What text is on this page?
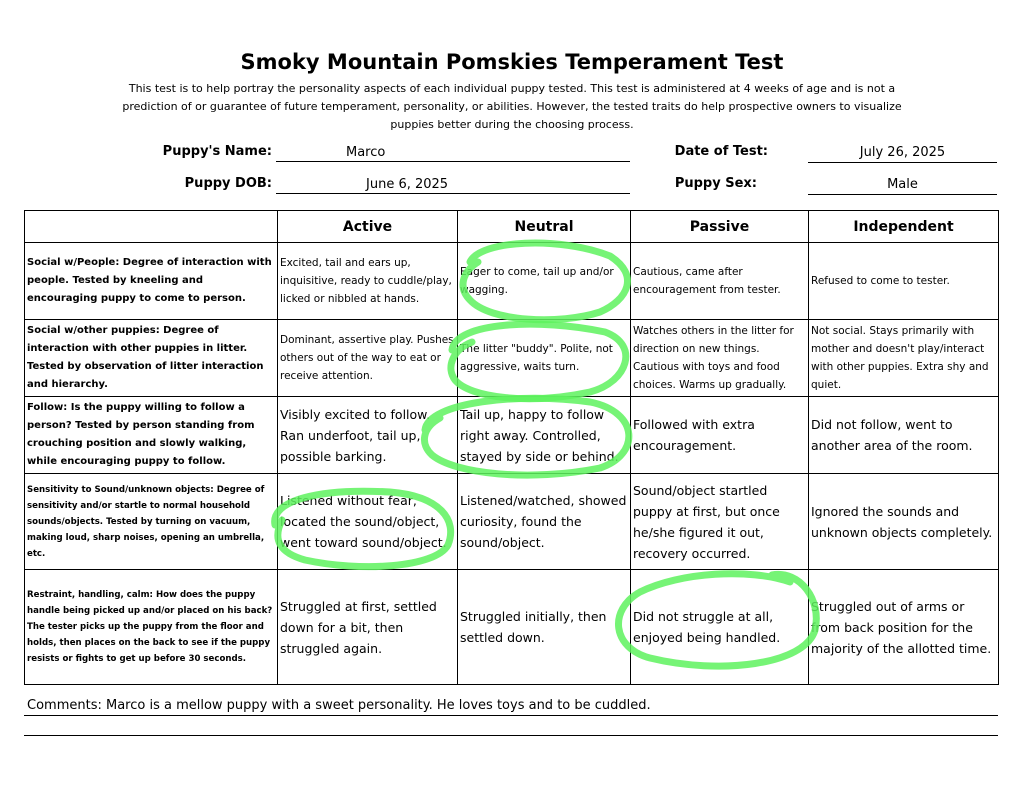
Smoky Mountain Pomskies Temperament Test
This test is to help portray the personality aspects of each individual puppy tested. This test is administered at 4 weeks of age and is not a prediction of or guarantee of future temperament, personality, or abilities. However, the tested traits do help prospective owners to visualize puppies better during the choosing process.
Puppy's Name:	Marco	Date of Test:	July 26, 2025
Puppy DOB:	June 6, 2025	Puppy Sex:	Male
	Active	Neutral	Passive	Independent
Social w/People: Degree of interaction with people. Tested by kneeling and encouraging puppy to come to person.	Excited, tail and ears up, inquisitive, ready to cuddle/play, licked or nibbled at hands.	Eager to come, tail up and/or wagging.	Cautious, came after encouragement from tester.	Refused to come to tester.
Social w/other puppies: Degree of interaction with other puppies in litter. Tested by observation of litter interaction and hierarchy.	Dominant, assertive play. Pushes others out of the way to eat or receive attention.	The litter "buddy". Polite, not aggressive, waits turn.	Watches others in the litter for direction on new things. Cautious with toys and food choices. Warms up gradually.	Not social. Stays primarily with mother and doesn't play/interact with other puppies. Extra shy and quiet.
Follow: Is the puppy willing to follow a person? Tested by person standing from crouching position and slowly walking, while encouraging puppy to follow.	Visibly excited to follow. Ran underfoot, tail up, possible barking.	Tail up, happy to follow right away. Controlled, stayed by side or behind.	Followed with extra encouragement.	Did not follow, went to another area of the room.
Sensitivity to Sound/unknown objects: Degree of sensitivity and/or startle to normal household sounds/objects. Tested by turning on vacuum, making loud, sharp noises, opening an umbrella, etc.	Listened without fear, located the sound/object, went toward sound/object.	Listened/watched, showed curiosity, found the sound/object.	Sound/object startled puppy at first, but once he/she figured it out, recovery occurred.	Ignored the sounds and unknown objects completely.
Restraint, handling, calm: How does the puppy handle being picked up and/or placed on his back? The tester picks up the puppy from the floor and holds, then places on the back to see if the puppy resists or fights to get up before 30 seconds.	Struggled at first, settled down for a bit, then struggled again.	Struggled initially, then settled down.	Did not struggle at all, enjoyed being handled.	Struggled out of arms or from back position for the majority of the allotted time.
Comments: Marco is a mellow puppy with a sweet personality. He loves toys and to be cuddled.
